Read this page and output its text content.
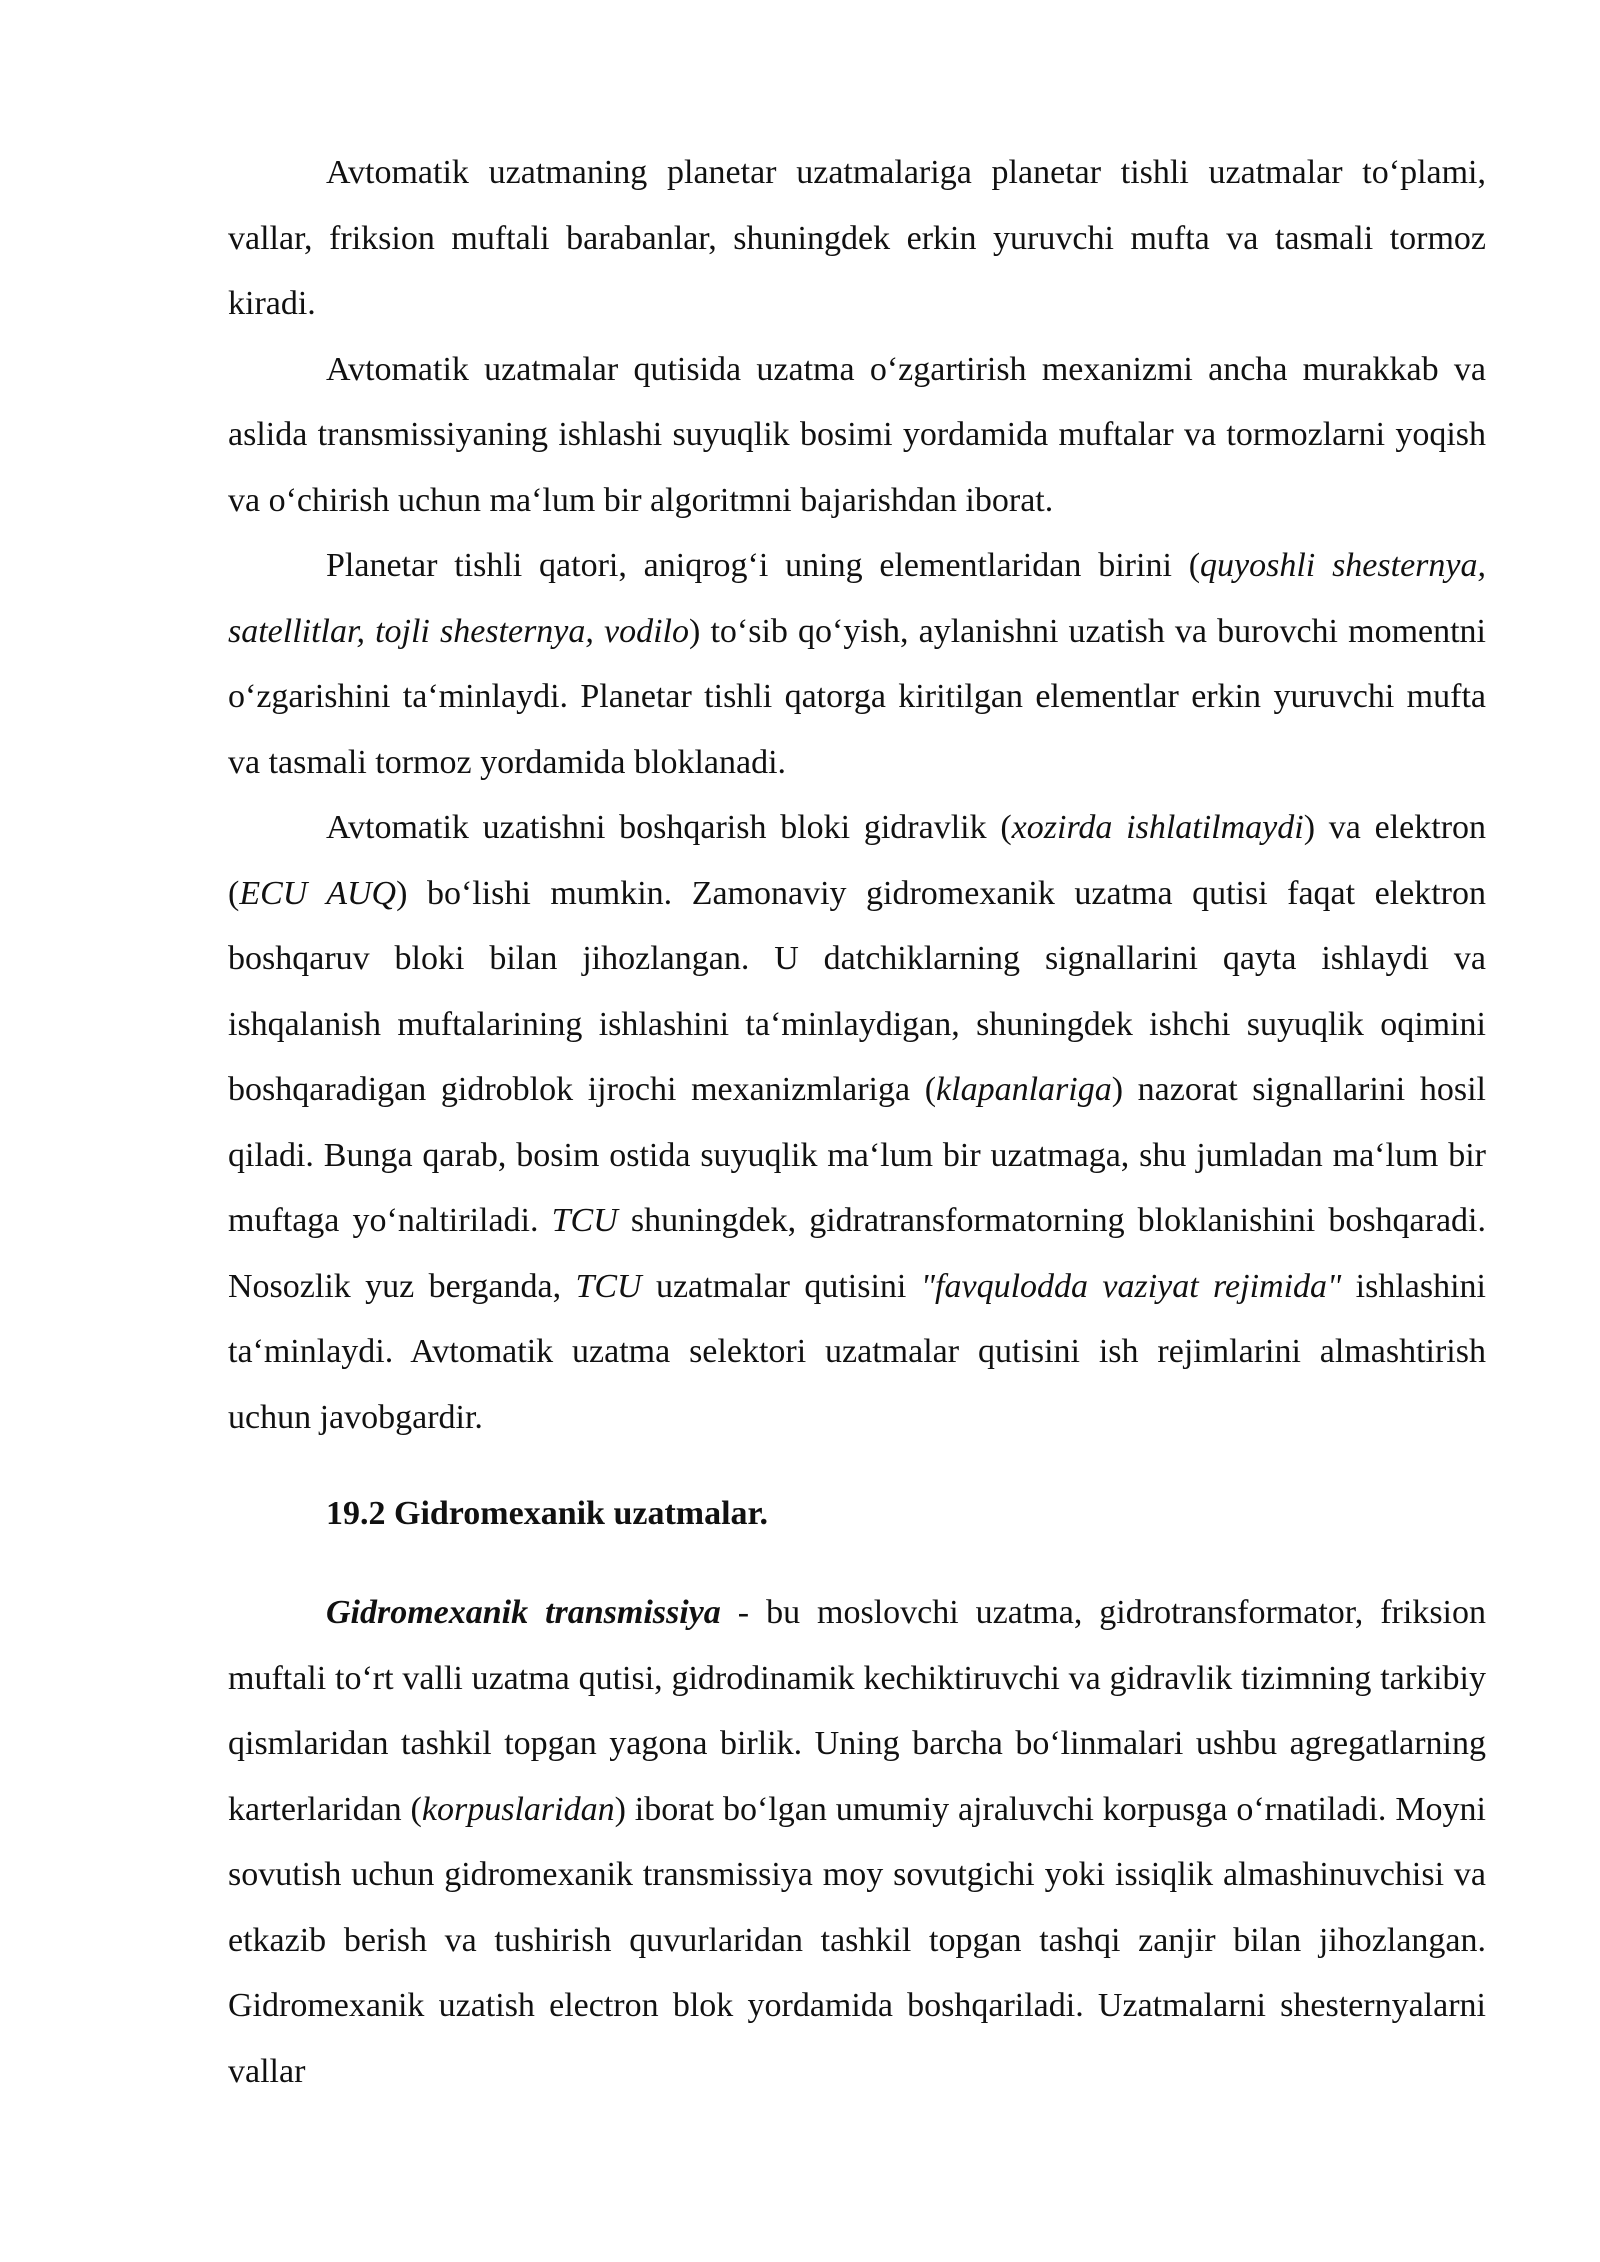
Avtomatik uzatmaning planetar uzatmalariga planetar tishli uzatmalar to‘plami, vallar, friksion muftali barabanlar, shuningdek erkin yuruvchi mufta va tasmali tormoz kiradi.

Avtomatik uzatmalar qutisida uzatma o‘zgartirish mexanizmi ancha murakkab va aslida transmissiyaning ishlashi suyuqlik bosimi yordamida muftalar va tormozlarni yoqish va o‘chirish uchun ma‘lum bir algoritmni bajarishdan iborat.

Planetar tishli qatori, aniqrog‘i uning elementlaridan birini (quyoshli shesternya, satellitlar, tojli shesternya, vodilo) to‘sib qo‘yish, aylanishni uzatish va burovchi momentni o‘zgarishini ta‘minlaydi. Planetar tishli qatorga kiritilgan elementlar erkin yuruvchi mufta va tasmali tormoz yordamida bloklanadi.

Avtomatik uzatishni boshqarish bloki gidravlik (xozirda ishlatilmaydi) va elektron (ECU AUQ) bo‘lishi mumkin. Zamonaviy gidromexanik uzatma qutisi faqat elektron boshqaruv bloki bilan jihozlangan. U datchiklarning signallarini qayta ishlaydi va ishqalanish muftalarining ishlashini ta‘minlaydigan, shuningdek ishchi suyuqlik oqimini boshqaradigan gidroblok ijrochi mexanizmlariga (klapanlariga) nazorat signallarini hosil qiladi. Bunga qarab, bosim ostida suyuqlik ma‘lum bir uzatmaga, shu jumladan ma‘lum bir muftaga yo‘naltiriladi. TCU shuningdek, gidratransformatorning bloklanishini boshqaradi. Nosozlik yuz berganda, TCU uzatmalar qutisini "favqulodda vaziyat rejimida" ishlashini ta‘minlaydi. Avtomatik uzatma selektori uzatmalar qutisini ish rejimlarini almashtirish uchun javobgardir.

19.2 Gidromexanik uzatmalar.

Gidromexanik transmissiya - bu moslovchi uzatma, gidrotransformator, friksion muftali to‘rt valli uzatma qutisi, gidrodinamik kechiktiruvchi va gidravlik tizimning tarkibiy qismlaridan tashkil topgan yagona birlik. Uning barcha bo‘linmalari ushbu agregatlarning karterlaridan (korpuslaridan) iborat bo‘lgan umumiy ajraluvchi korpusga o‘rnatiladi. Moyni sovutish uchun gidromexanik transmissiya moy sovutgichi yoki issiqlik almashinuvchisi va etkazib berish va tushirish quvurlaridan tashkil topgan tashqi zanjir bilan jihozlangan. Gidromexanik uzatish electron blok yordamida boshqariladi. Uzatmalarni shesternyalarni vallar
